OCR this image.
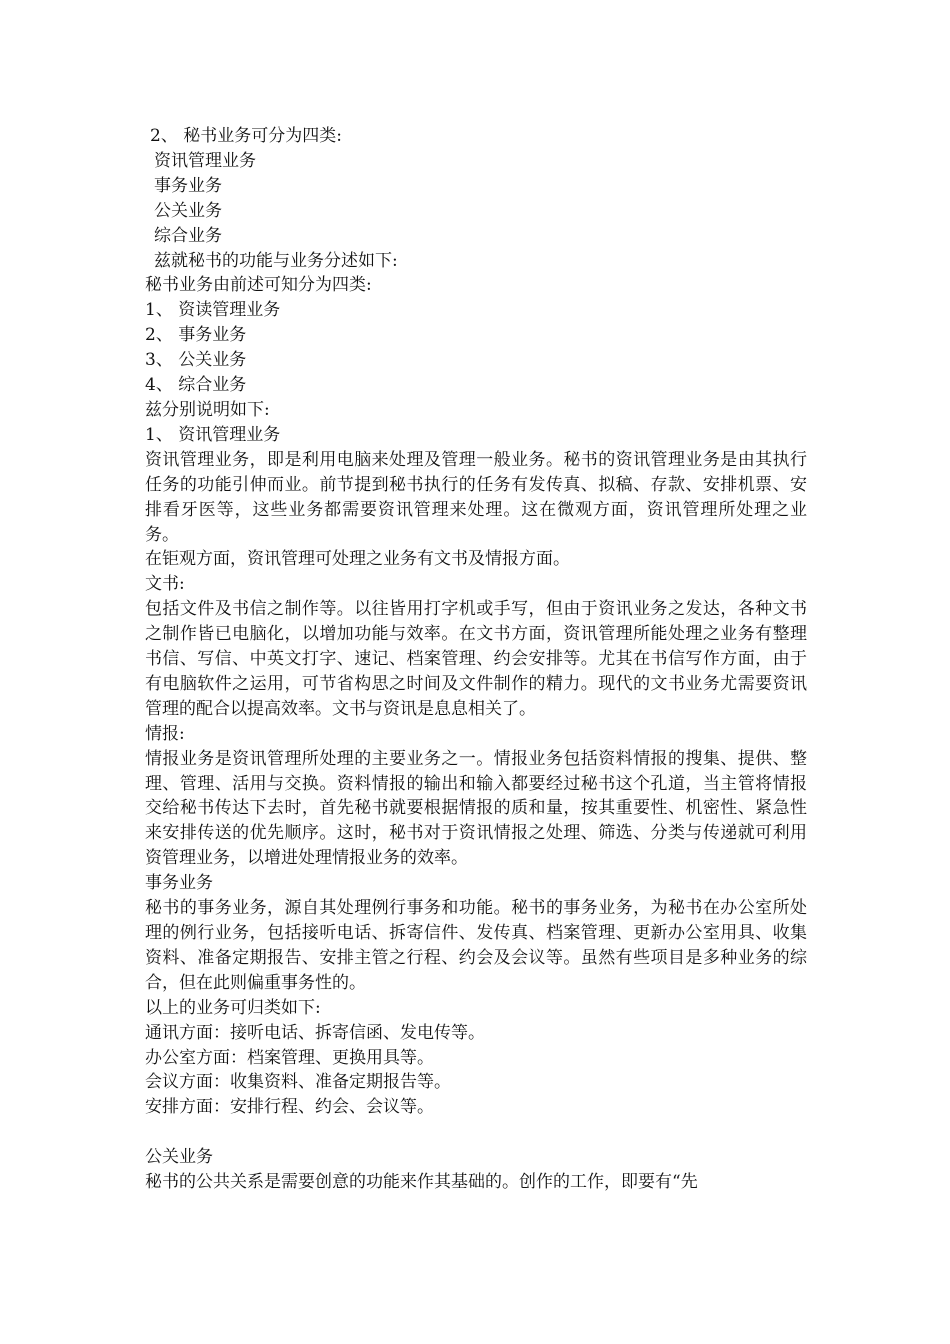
2、 秘书业务可分为四类:
资讯管理业务
事务业务
公关业务
综合业务
兹就秘书的功能与业务分述如下:
秘书业务由前述可知分为四类:
1、 资读管理业务
2、 事务业务
3、 公关业务
4、 综合业务
兹分别说明如下:
1、 资讯管理业务

资讯管理业务，即是利用电脑来处理及管理一般业务。秘书的资讯管理业务是由其执行任务的功能引伸而业。前节提到秘书执行的任务有发传真、拟稿、存款、安排机票、安排看牙医等，这些业务都需要资讯管理来处理。这在微观方面，资讯管理所处理之业务。

在钜观方面，资讯管理可处理之业务有文书及情报方面。

文书:

包括文件及书信之制作等。以往皆用打字机或手写，但由于资讯业务之发达，各种文书之制作皆已电脑化，以增加功能与效率。在文书方面，资讯管理所能处理之业务有整理书信、写信、中英文打字、速记、档案管理、约会安排等。尤其在书信写作方面，由于有电脑软件之运用，可节省构思之时间及文件制作的精力。现代的文书业务尤需要资讯管理的配合以提高效率。文书与资讯是息息相关了。

情报:

情报业务是资讯管理所处理的主要业务之一。情报业务包括资料情报的搜集、提供、整理、管理、活用与交换。资料情报的输出和输入都要经过秘书这个孔道，当主管将情报交给秘书传达下去时，首先秘书就要根据情报的质和量，按其重要性、机密性、紧急性来安排传送的优先顺序。这时，秘书对于资讯情报之处理、筛选、分类与传递就可利用资管理业务，以增进处理情报业务的效率。

事务业务

秘书的事务业务，源自其处理例行事务和功能。秘书的事务业务，为秘书在办公室所处理的例行业务，包括接听电话、拆寄信件、发传真、档案管理、更新办公室用具、收集资料、准备定期报告、安排主管之行程、约会及会议等。虽然有些项目是多种业务的综合，但在此则偏重事务性的。

以上的业务可归类如下:
通讯方面：接听电话、拆寄信函、发电传等。
办公室方面：档案管理、更换用具等。
会议方面：收集资料、准备定期报告等。
安排方面：安排行程、约会、会议等。
公关业务
秘书的公共关系是需要创意的功能来作其基础的。创作的工作，即要有“先
